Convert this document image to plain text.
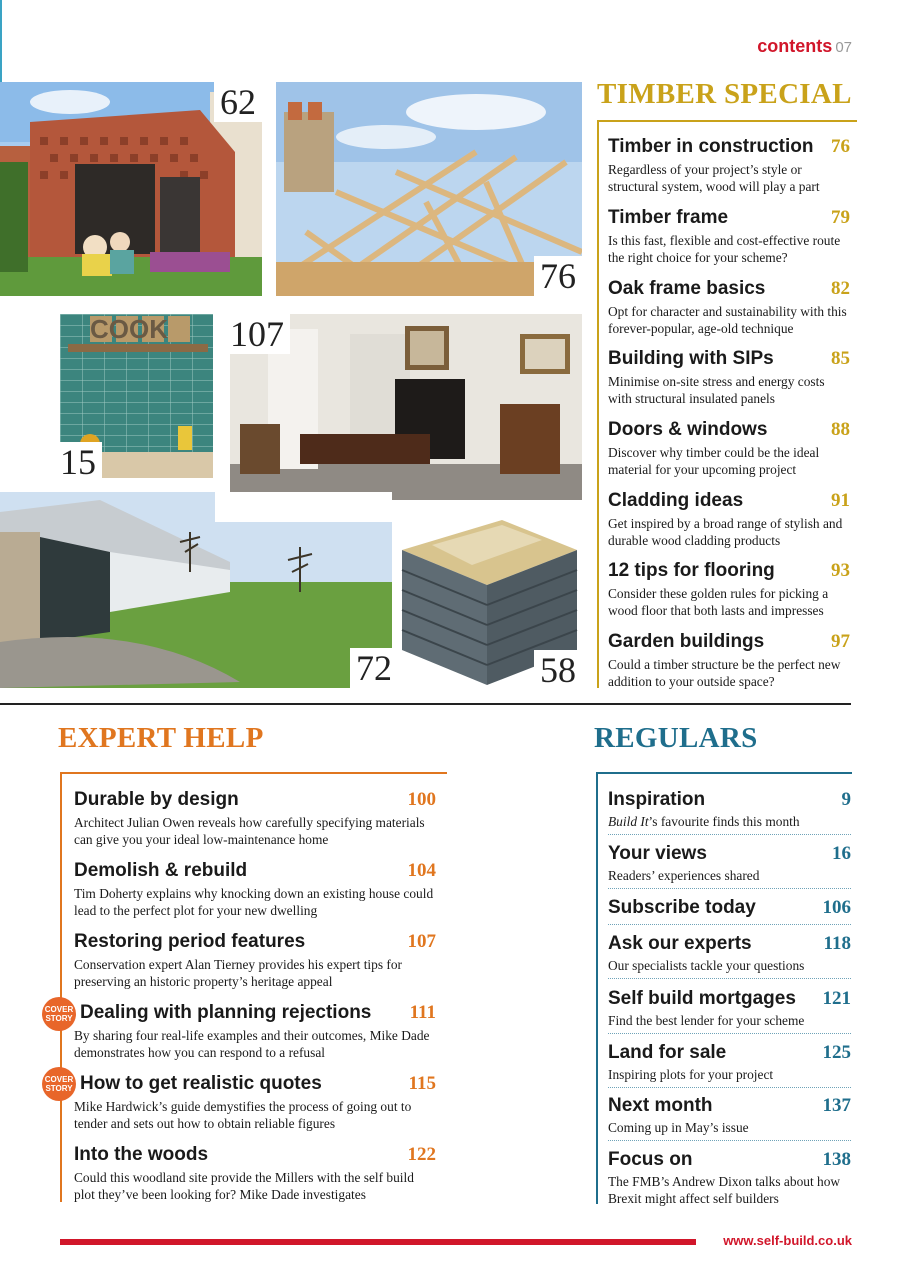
contents 07
62
76
COOK
15
107
72	58
TIMBER SPECIAL
Timber in construction 76
Regardless of your project’s style or structural system, wood will play a part
Timber frame	79
Is this fast, flexible and cost-effective route the right choice for your scheme?
Oak frame basics	82
Opt for character and sustainability with this forever-popular, age-old technique
Building with SIPs	85
Minimise on-site stress and energy costs with structural insulated panels
Doors & windows	88
Discover why timber could be the ideal material for your upcoming project
Cladding ideas	91
Get inspired by a broad range of stylish and durable wood cladding products
12 tips for flooring	93
Consider these golden rules for picking a wood floor that both lasts and impresses
Garden buildings	97
Could a timber structure be the perfect new addition to your outside space?
EXPERT HELP
Durable by design	100
Architect Julian Owen reveals how carefully specifying materials can give you your ideal low-maintenance home
Demolish & rebuild	104
Tim Doherty explains why knocking down an existing house could lead to the perfect plot for your new dwelling
Restoring period features	107
Conservation expert Alan Tierney provides his expert tips for preserving an historic property’s heritage appeal
COVER STORY Dealing with planning rejections 111
By sharing four real-life examples and their outcomes, Mike Dade demonstrates how you can respond to a refusal
COVER STORY How to get realistic quotes	115
Mike Hardwick’s guide demystifies the process of going out to tender and sets out how to obtain reliable figures
Into the woods	122
Could this woodland site provide the Millers with the self build plot they’ve been looking for? Mike Dade investigates
REGULARS
Inspiration	9
Build It’s favourite finds this month
Your views	16
Readers’ experiences shared
Subscribe today	106
Ask our experts	118
Our specialists tackle your questions
Self build mortgages 121
Find the best lender for your scheme
Land for sale	125
Inspiring plots for your project
Next month	137
Coming up in May’s issue
Focus on	138
The FMB’s Andrew Dixon talks about how Brexit might affect self builders
www.self-build.co.uk
